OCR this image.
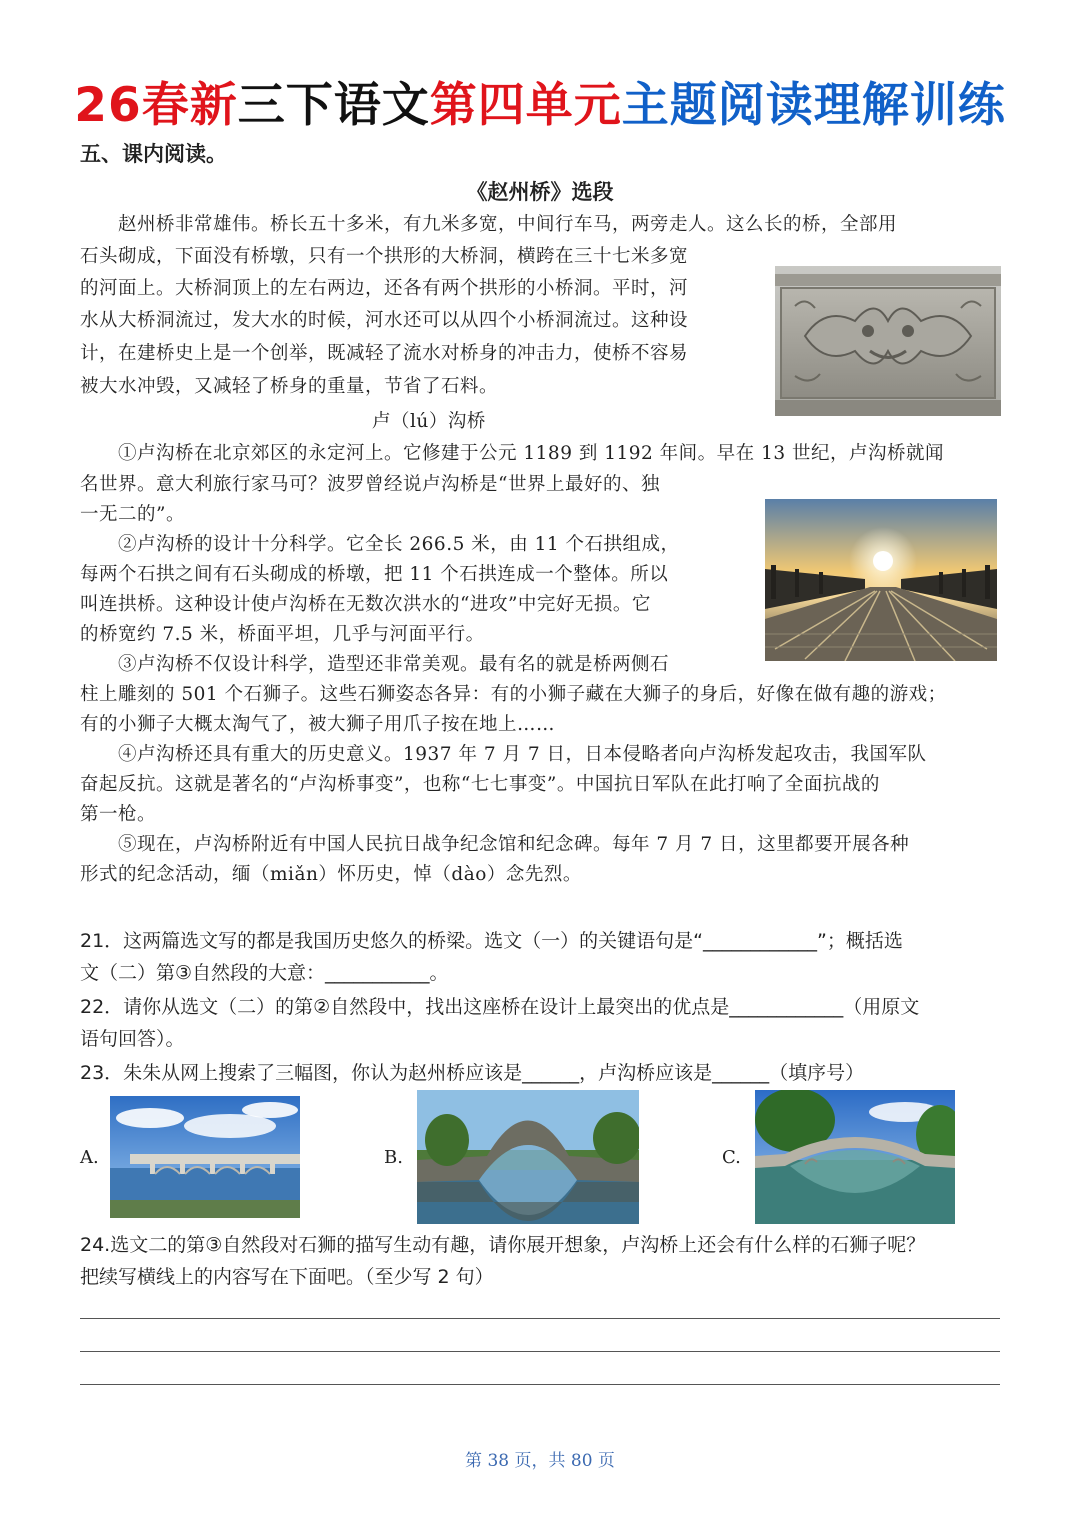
26春新三下语文第四单元主题阅读理解训练
五、课内阅读。
《赵州桥》选段
　　赵州桥非常雄伟。桥长五十多米，有九米多宽，中间行车马，两旁走人。这么长的桥，全部用
石头砌成，下面没有桥墩，只有一个拱形的大桥洞，横跨在三十七米多宽
的河面上。大桥洞顶上的左右两边，还各有两个拱形的小桥洞。平时，河
水从大桥洞流过，发大水的时候，河水还可以从四个小桥洞流过。这种设
计，在建桥史上是一个创举，既减轻了流水对桥身的冲击力，使桥不容易
被大水冲毁，又减轻了桥身的重量，节省了石料。
卢（lú）沟桥
　　①卢沟桥在北京郊区的永定河上。它修建于公元 1189 到 1192 年间。早在 13 世纪，卢沟桥就闻
名世界。意大利旅行家马可？波罗曾经说卢沟桥是“世界上最好的、独
一无二的”。
　　②卢沟桥的设计十分科学。它全长 266.5 米，由 11 个石拱组成，
每两个石拱之间有石头砌成的桥墩，把 11 个石拱连成一个整体。所以
叫连拱桥。这种设计使卢沟桥在无数次洪水的“进攻”中完好无损。它
的桥宽约 7.5 米，桥面平坦，几乎与河面平行。
　　③卢沟桥不仅设计科学，造型还非常美观。最有名的就是桥两侧石
柱上雕刻的 501 个石狮子。这些石狮姿态各异：有的小狮子藏在大狮子的身后，好像在做有趣的游戏；
有的小狮子大概太淘气了，被大狮子用爪子按在地上……
　　④卢沟桥还具有重大的历史意义。1937 年 7 月 7 日，日本侵略者向卢沟桥发起攻击，我国军队
奋起反抗。这就是著名的“卢沟桥事变”，也称“七七事变”。中国抗日军队在此打响了全面抗战的
第一枪。
　　⑤现在，卢沟桥附近有中国人民抗日战争纪念馆和纪念碑。每年 7 月 7 日，这里都要开展各种
形式的纪念活动，缅（miǎn）怀历史，悼（dào）念先烈。
21．这两篇选文写的都是我国历史悠久的桥梁。选文（一）的关键语句是“____________”；概括选
文（二）第③自然段的大意：___________。
22．请你从选文（二）的第②自然段中，找出这座桥在设计上最突出的优点是____________（用原文
语句回答）。
23．朱朱从网上搜索了三幅图，你认为赵州桥应该是______，卢沟桥应该是______（填序号）
A.	B.	C.
24.选文二的第③自然段对石狮的描写生动有趣，请你展开想象，卢沟桥上还会有什么样的石狮子呢？
把续写横线上的内容写在下面吧。（至少写 2 句）
第 38 页，共 80 页
